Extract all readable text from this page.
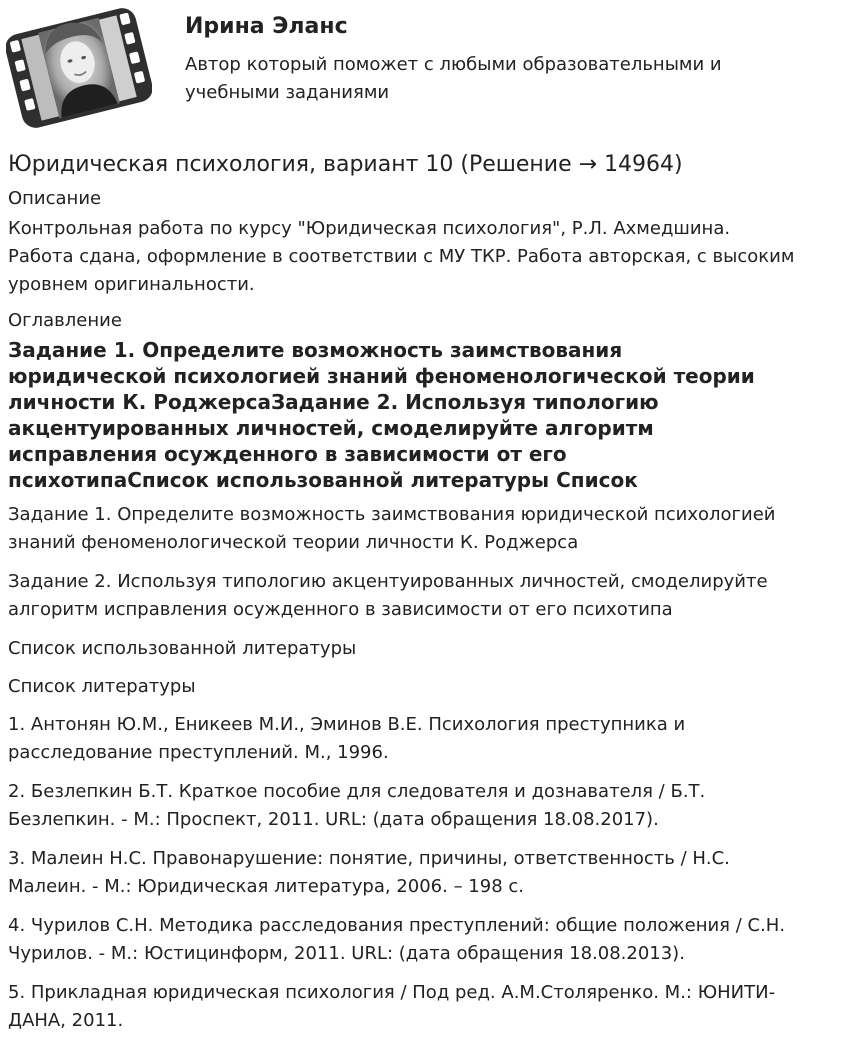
Ирина Эланс
Автор который поможет с любыми образовательными и
учебными заданиями
Юридическая психология, вариант 10 (Решение → 14964)
Описание

Контрольная работа по курсу "Юридическая психология", Р.Л. Ахмедшина.

Работа сдана, оформление в соответствии с МУ ТКР. Работа авторская, с высоким

уровнем оригинальности.

Оглавление
Задание 1. Определите возможность заимствования
юридической психологией знаний феноменологической теории
личности К. РоджерсаЗадание 2. Используя типологию
акцентуированных личностей, смоделируйте алгоритм
исправления осужденного в зависимости от его
психотипаСписок использованной литературы Список

Задание 1. Определите возможность заимствования юридической психологией

знаний феноменологической теории личности К. Роджерса

Задание 2. Используя типологию акцентуированных личностей, смоделируйте

алгоритм исправления осужденного в зависимости от его психотипа

Список использованной литературы

Список литературы

1. Антонян Ю.М., Еникеев М.И., Эминов В.Е. Психология преступника и

расследование преступлений. М., 1996.

2. Безлепкин Б.Т. Краткое пособие для следователя и дознавателя / Б.Т.

Безлепкин. - М.: Проспект, 2011. URL: (дата обращения 18.08.2017).

3. Малеин Н.С. Правонарушение: понятие, причины, ответственность / Н.С.

Малеин. - М.: Юридическая литература, 2006. – 198 с.

4. Чурилов С.Н. Методика расследования преступлений: общие положения / С.Н.

Чурилов. - М.: Юстицинформ, 2011. URL: (дата обращения 18.08.2013).

5. Прикладная юридическая психология / Под ред. А.М.Столяренко. М.: ЮНИТИ-

ДАНА, 2011.
